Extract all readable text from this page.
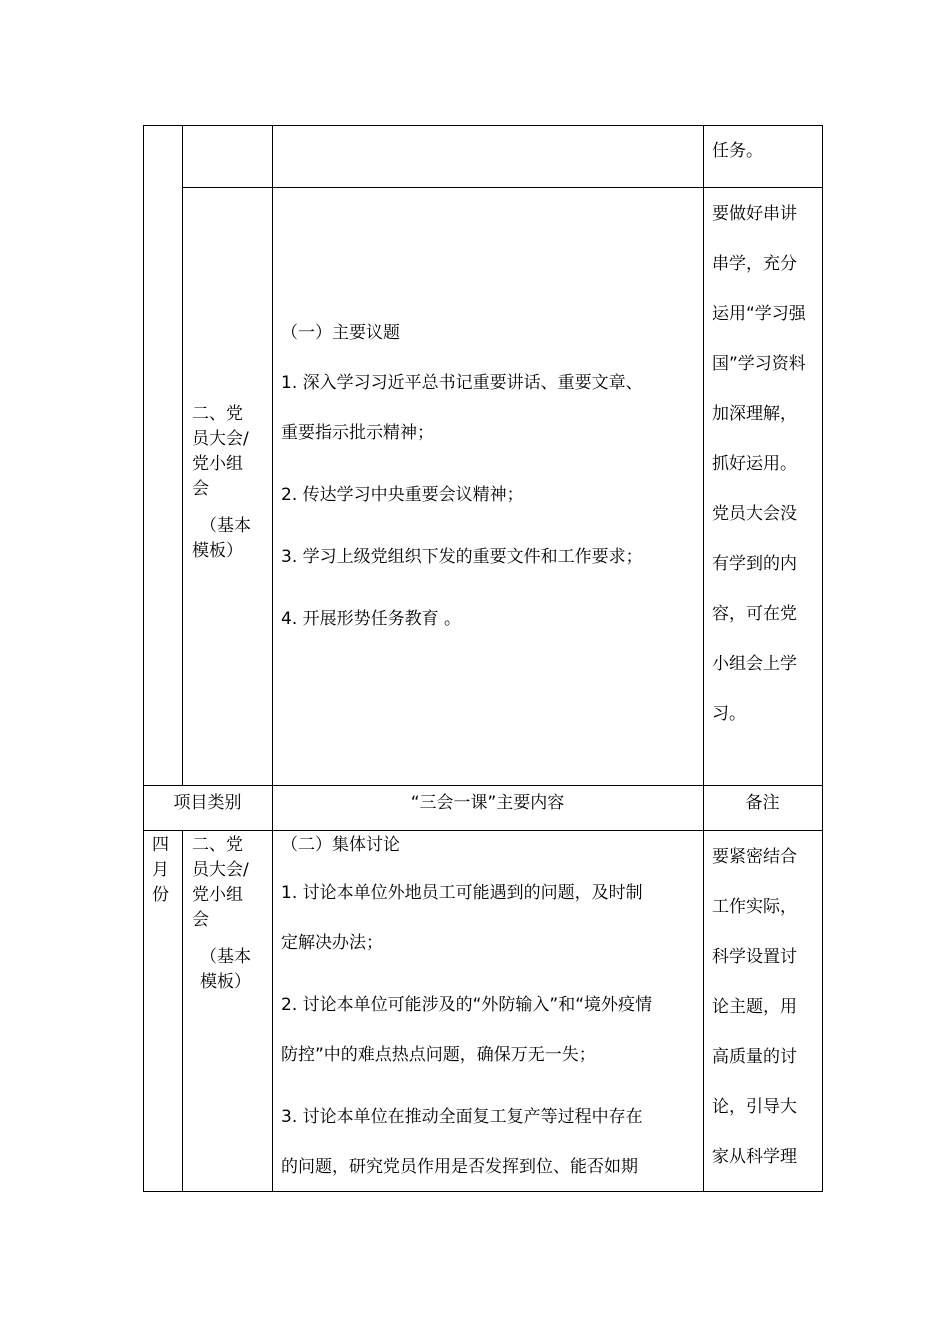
任务。

二、党

员大会/

党小组

会

（基本

模板）

（一）主要议题

1. 深入学习习近平总书记重要讲话、重要文章、

重要指示批示精神；

2. 传达学习中央重要会议精神；

3. 学习上级党组织下发的重要文件和工作要求；

4. 开展形势任务教育 。

要做好串讲

串学，充分

运用“学习强

国”学习资料

加深理解，

抓好运用。

党员大会没

有学到的内

容，可在党

小组会上学

习。

项目类别	“三会一课”主要内容	备注

四

月

份

二、党

员大会/

党小组

会

（基本

模板）

（二）集体讨论

1. 讨论本单位外地员工可能遇到的问题，及时制

定解决办法；

2. 讨论本单位可能涉及的“外防输入”和“境外疫情

防控”中的难点热点问题，确保万无一失；

3. 讨论本单位在推动全面复工复产等过程中存在

的问题，研究党员作用是否发挥到位、能否如期

要紧密结合

工作实际，

科学设置讨

论主题，用

高质量的讨

论，引导大

家从科学理
